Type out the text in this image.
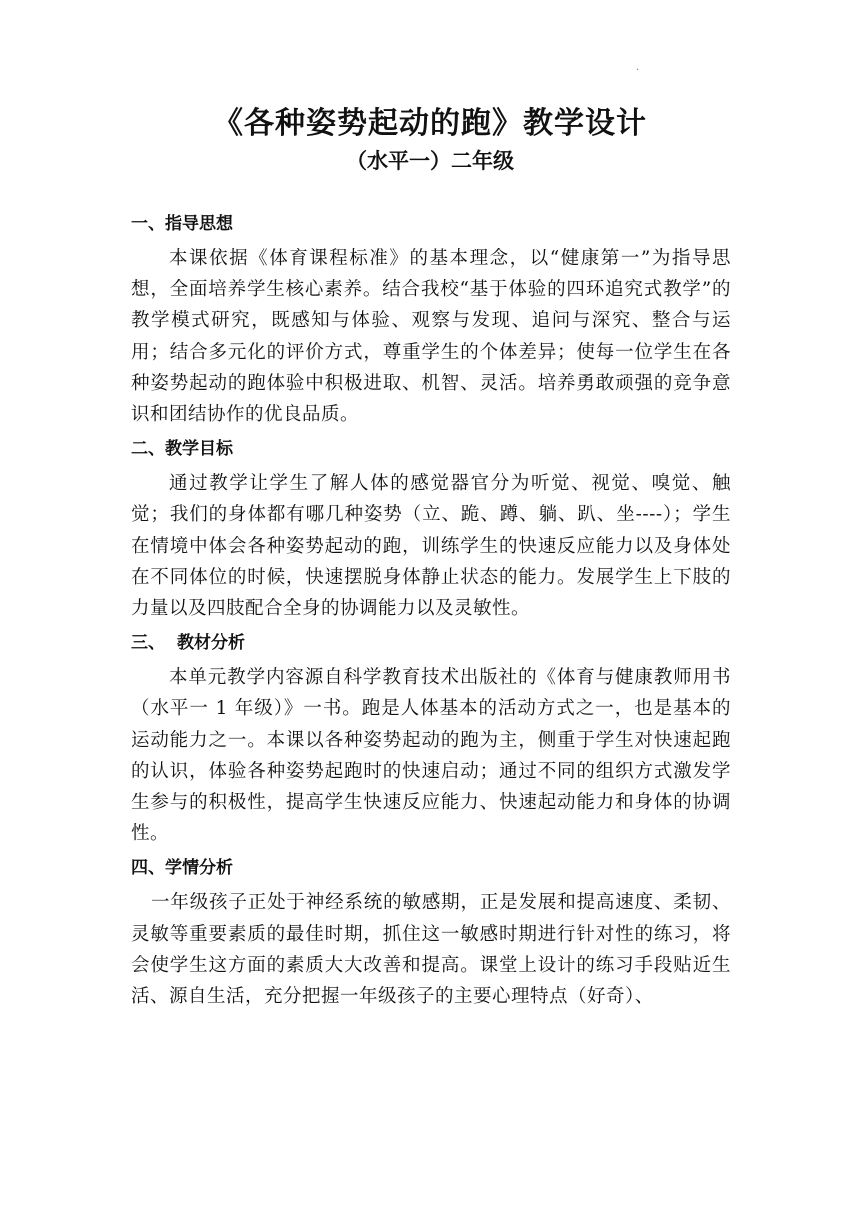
.
《各种姿势起动的跑》教学设计
（水平一）二年级
一、指导思想

本课依据《体育课程标准》的基本理念，以“健康第一”为指导思想，全面培养学生核心素养。结合我校“基于体验的四环追究式教学”的教学模式研究，既感知与体验、观察与发现、追问与深究、整合与运用；结合多元化的评价方式，尊重学生的个体差异；使每一位学生在各种姿势起动的跑体验中积极进取、机智、灵活。培养勇敢顽强的竞争意识和团结协作的优良品质。

二、教学目标

通过教学让学生了解人体的感觉器官分为听觉、视觉、嗅觉、触觉；我们的身体都有哪几种姿势（立、跪、蹲、躺、趴、坐----）；学生在情境中体会各种姿势起动的跑，训练学生的快速反应能力以及身体处在不同体位的时候，快速摆脱身体静止状态的能力。发展学生上下肢的力量以及四肢配合全身的协调能力以及灵敏性。

三、 教材分析

本单元教学内容源自科学教育技术出版社的《体育与健康教师用书（水平一 1 年级）》一书。跑是人体基本的活动方式之一，也是基本的运动能力之一。本课以各种姿势起动的跑为主，侧重于学生对快速起跑的认识，体验各种姿势起跑时的快速启动；通过不同的组织方式激发学生参与的积极性，提高学生快速反应能力、快速起动能力和身体的协调性。

四、学情分析

一年级孩子正处于神经系统的敏感期，正是发展和提高速度、柔韧、灵敏等重要素质的最佳时期，抓住这一敏感时期进行针对性的练习，将会使学生这方面的素质大大改善和提高。课堂上设计的练习手段贴近生活、源自生活，充分把握一年级孩子的主要心理特点（好奇）、
